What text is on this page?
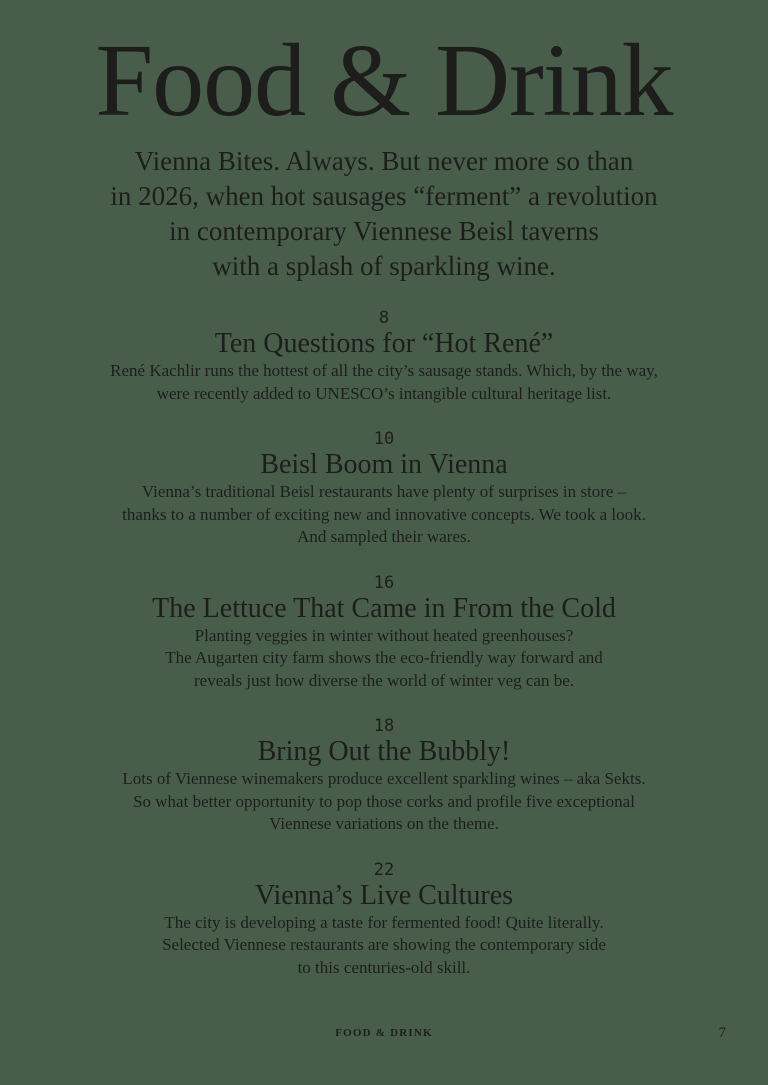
Food & Drink

Vienna Bites. Always. But never more so than
in 2026, when hot sausages “ferment” a revolution
in contemporary Viennese Beisl taverns
with a splash of sparkling wine.

8

Ten Questions for “Hot René”

René Kachlir runs the hottest of all the city’s sausage stands. Which, by the way,
were recently added to UNESCO’s intangible cultural heritage list.

10

Beisl Boom in Vienna

Vienna’s traditional Beisl restaurants have plenty of surprises in store –
thanks to a number of exciting new and innovative concepts. We took a look.
And sampled their wares.

16

The Lettuce That Came in From the Cold

Planting veggies in winter without heated greenhouses?
The Augarten city farm shows the eco-friendly way forward and
reveals just how diverse the world of winter veg can be.

18

Bring Out the Bubbly!

Lots of Viennese winemakers produce excellent sparkling wines – aka Sekts.
So what better opportunity to pop those corks and profile five exceptional
Viennese variations on the theme.

22

Vienna’s Live Cultures

The city is developing a taste for fermented food! Quite literally.
Selected Viennese restaurants are showing the contemporary side
to this centuries-old skill.

FOOD & DRINK	7
